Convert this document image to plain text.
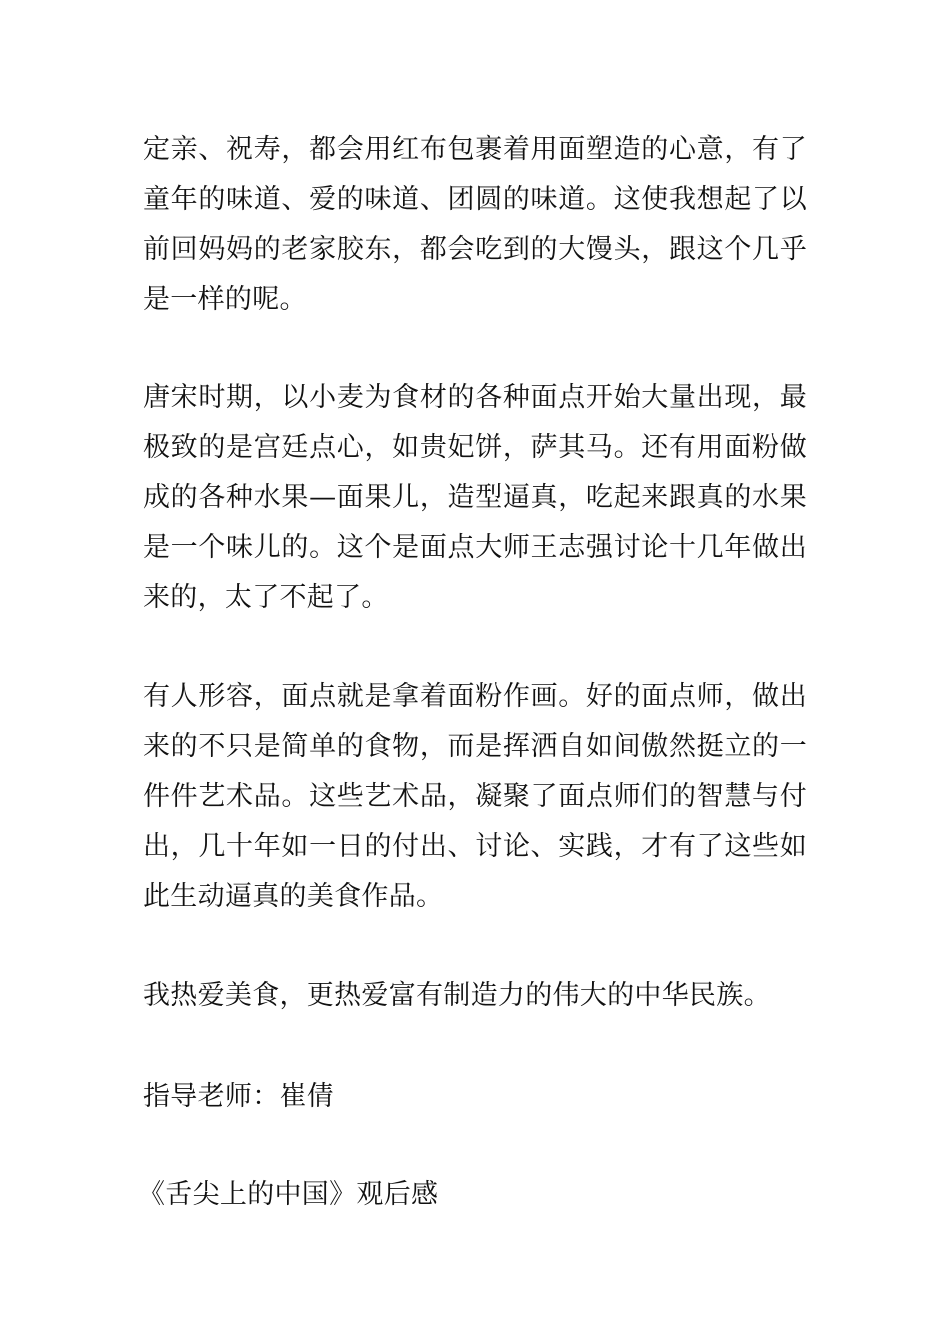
定亲、祝寿，都会用红布包裹着用面塑造的心意，有了童年的味道、爱的味道、团圆的味道。这使我想起了以前回妈妈的老家胶东，都会吃到的大馒头，跟这个几乎是一样的呢。

唐宋时期，以小麦为食材的各种面点开始大量出现，最极致的是宫廷点心，如贵妃饼，萨其马。还有用面粉做成的各种水果—面果儿，造型逼真，吃起来跟真的水果是一个味儿的。这个是面点大师王志强讨论十几年做出来的，太了不起了。

有人形容，面点就是拿着面粉作画。好的面点师，做出来的不只是简单的食物，而是挥洒自如间傲然挺立的一件件艺术品。这些艺术品，凝聚了面点师们的智慧与付出，几十年如一日的付出、讨论、实践，才有了这些如此生动逼真的美食作品。

我热爱美食，更热爱富有制造力的伟大的中华民族。

指导老师：崔倩

《舌尖上的中国》观后感
